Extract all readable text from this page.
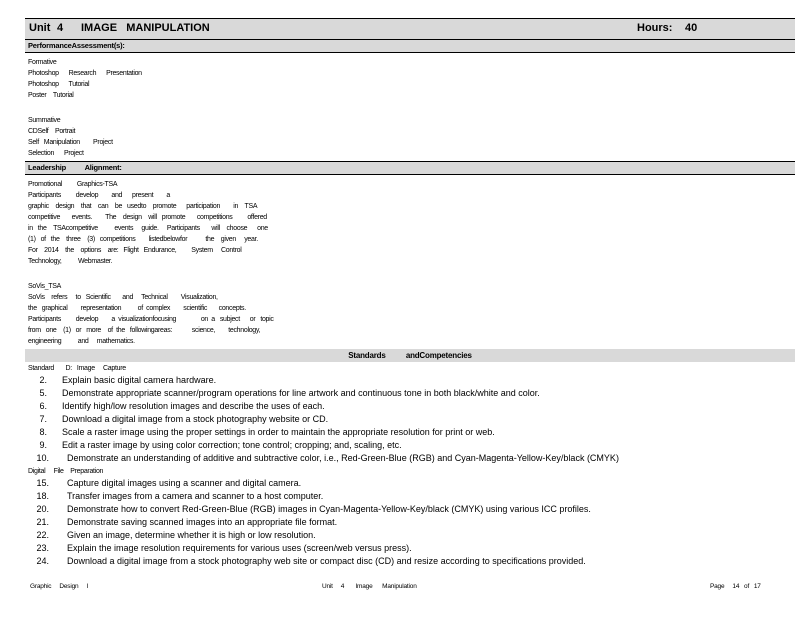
Unit 4 IMAGE   MANIPULATION	Hours: 40
PerformanceAssessment(s):
Formative
Photoshop      Research      Presentation
Photoshop      Tutorial
Poster    Tutorial
Summative
CDSelf    Portrait
Self   Manipulation        Project
Selection      Project
Leadership          Alignment:
Promotional         Graphics-TSA
Participants         develop        and      present        a
graphic    design    that    can    be   usedto    promote      participation        in    TSA
competitive       events.        The    design    will   promote       competitions         offered
in   the    TSAcompetitive          events     guide.     Participants       will    choose      one
(1)   of   the    three    (3)   competitions        listedbelowfor           the    given     year.
For    2014    the    options    are:   Flight   Endurance,         System     Control
Technology,          Webmaster.
SoVis_TSA
SoVis    refers     to   Scientific       and     Technical        Visualization,
the   graphical        representation          of  complex        scientific       concepts.
Participants         develop        a  visualizationfocusing               on  a   subject      or   topic
from   one    (1)   or   more    of  the   followingareas:            science,        technology,
engineering          and     mathematics.
Standards          andCompetencies
Standard       D:   Image     Capture
2. Explain basic digital camera hardware.
5. Demonstrate appropriate scanner/program operations for line artwork and continuous tone in both black/white and color.
6. Identify high/low resolution images and describe the uses of each.
7. Download a digital image from a stock photography website or CD.
8. Scale a raster image using the proper settings in order to maintain the appropriate resolution for print or web.
9. Edit a raster image by using color correction; tone control; cropping; and, scaling, etc.
10. Demonstrate an understanding of additive and subtractive color, i.e., Red-Green-Blue (RGB) and Cyan-Magenta-Yellow-Key/black (CMYK)
Digital     File    Preparation
15. Capture digital images using a scanner and digital camera.
18. Transfer images from a camera and scanner to a host computer.
20. Demonstrate how to convert Red-Green-Blue (RGB) images in Cyan-Magenta-Yellow-Key/black (CMYK) using various ICC profiles.
21. Demonstrate saving scanned images into an appropriate file format.
22. Given an image, determine whether it is high or low resolution.
23. Explain the image resolution requirements for various uses (screen/web versus press).
24. Download a digital image from a stock photography web site or compact disc (CD) and resize according to specifications provided.

Graphic     Design     I

	Unit     4       Image      Manipulation

	Page     14   of   17
